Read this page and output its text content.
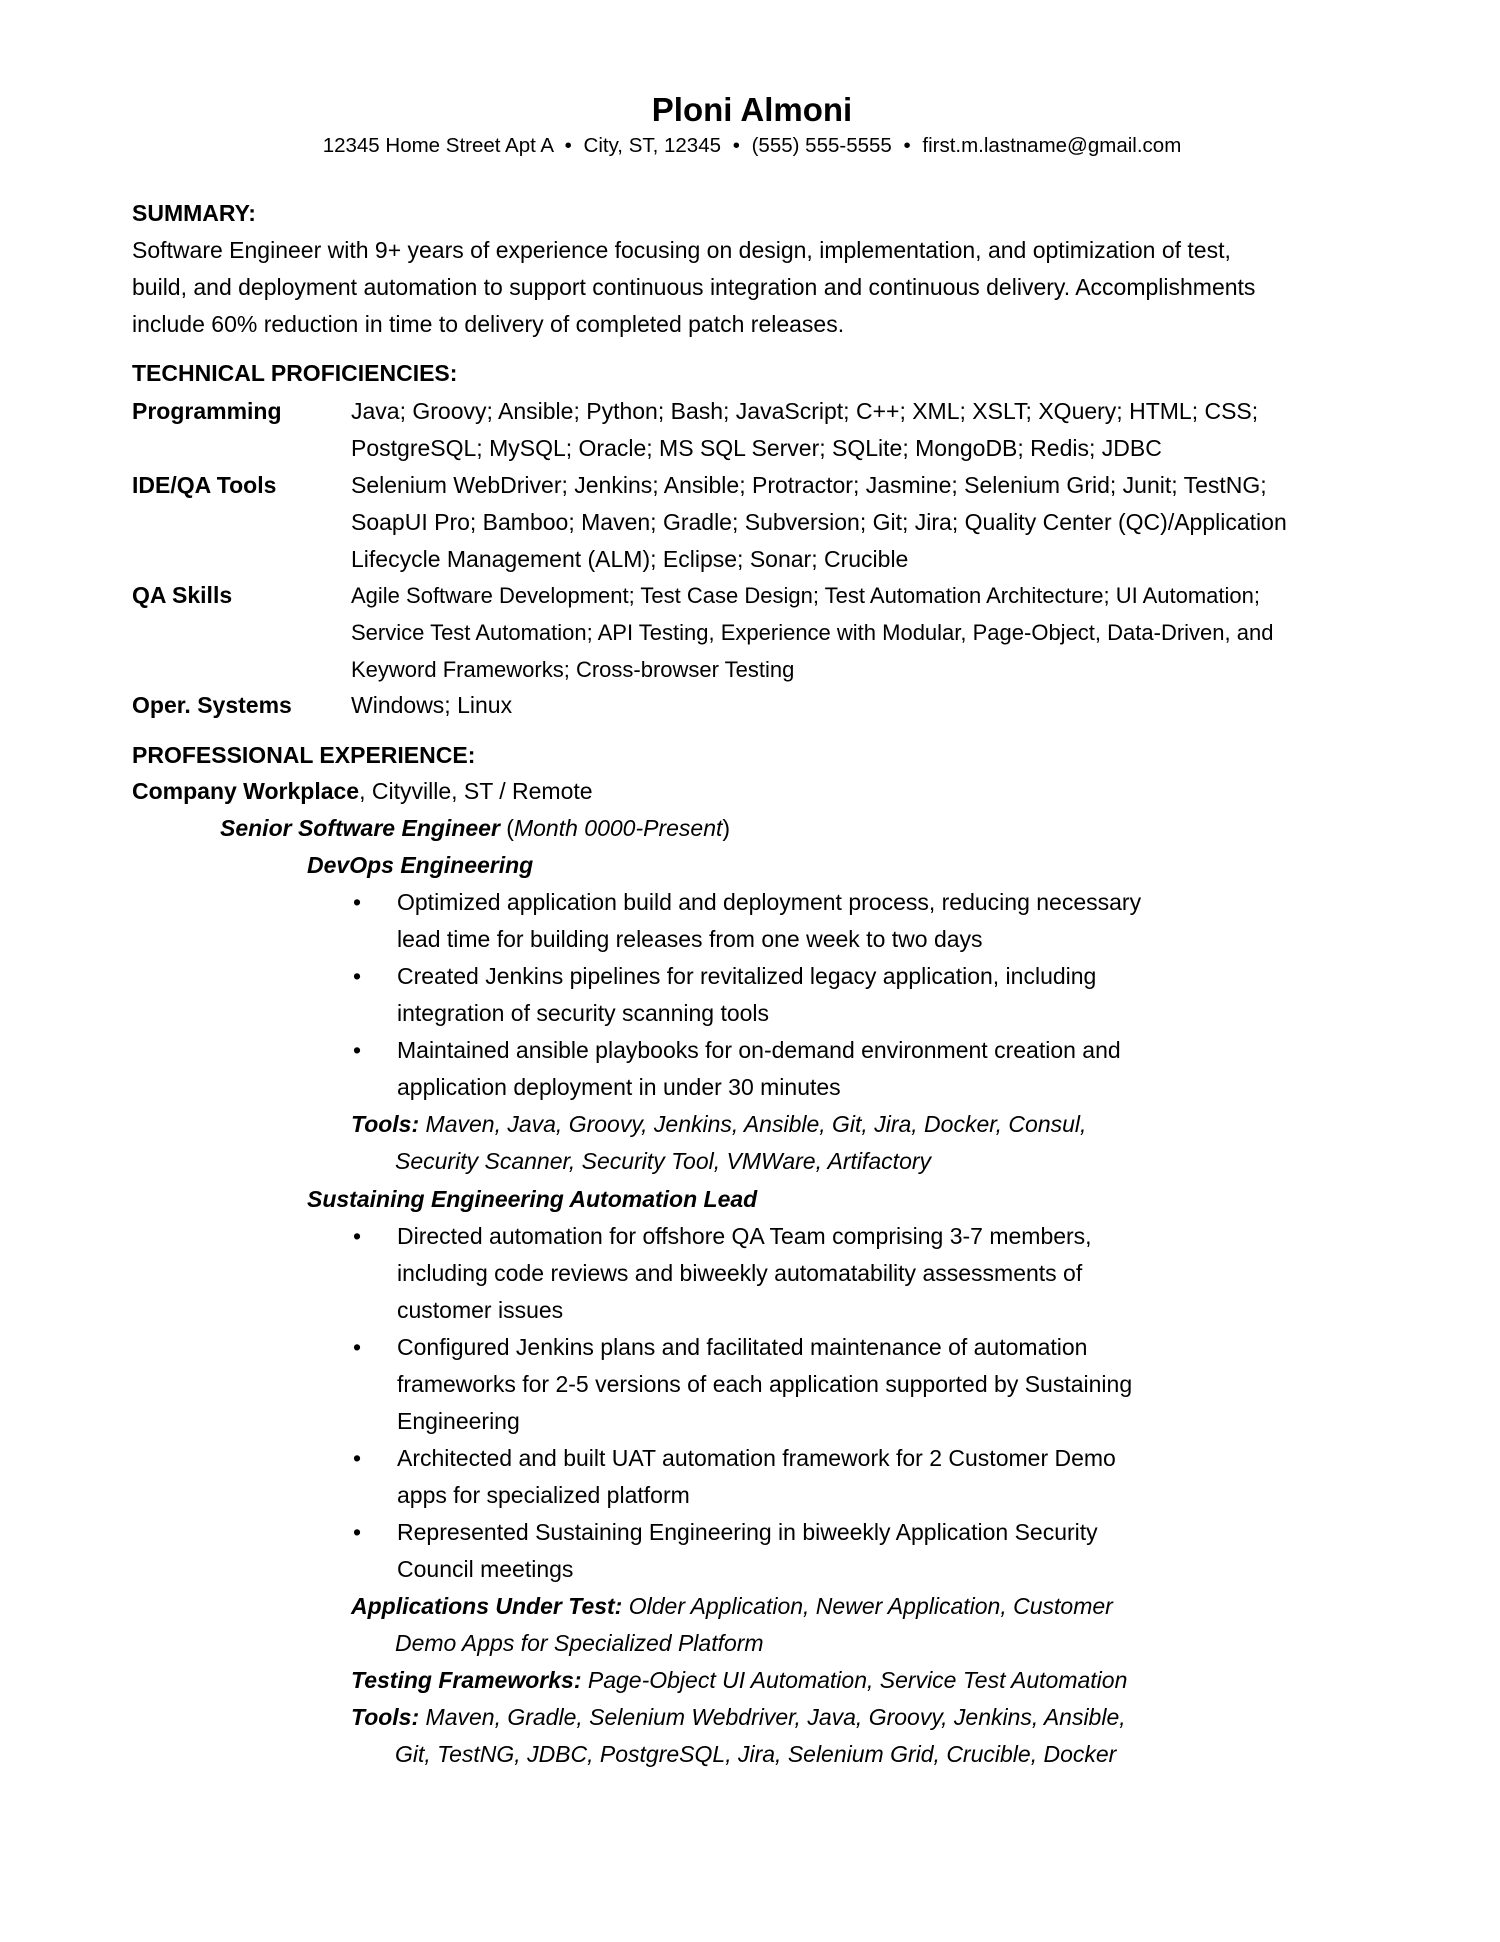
Ploni Almoni
12345 Home Street Apt A • City, ST, 12345 • (555) 555-5555 • first.m.lastname@gmail.com
SUMMARY:
Software Engineer with 9+ years of experience focusing on design, implementation, and optimization of test,
build, and deployment automation to support continuous integration and continuous delivery. Accomplishments
include 60% reduction in time to delivery of completed patch releases.
TECHNICAL PROFICIENCIES:
Programming	Java; Groovy; Ansible; Python; Bash; JavaScript; C++; XML; XSLT; XQuery; HTML; CSS;
PostgreSQL; MySQL; Oracle; MS SQL Server; SQLite; MongoDB; Redis; JDBC
IDE/QA Tools	Selenium WebDriver; Jenkins; Ansible; Protractor; Jasmine; Selenium Grid; Junit; TestNG;
SoapUI Pro; Bamboo; Maven; Gradle; Subversion; Git; Jira; Quality Center (QC)/Application
Lifecycle Management (ALM); Eclipse; Sonar; Crucible
QA Skills	Agile Software Development; Test Case Design; Test Automation Architecture; UI Automation;
Service Test Automation; API Testing, Experience with Modular, Page-Object, Data-Driven, and
Keyword Frameworks; Cross-browser Testing
Oper. Systems	Windows; Linux
PROFESSIONAL EXPERIENCE:
Company Workplace, Cityville, ST / Remote
Senior Software Engineer (Month 0000-Present)
DevOps Engineering
•	Optimized application build and deployment process, reducing necessary
lead time for building releases from one week to two days
•	Created Jenkins pipelines for revitalized legacy application, including
integration of security scanning tools
•	Maintained ansible playbooks for on-demand environment creation and
application deployment in under 30 minutes
Tools: Maven, Java, Groovy, Jenkins, Ansible, Git, Jira, Docker, Consul,
Security Scanner, Security Tool, VMWare, Artifactory
Sustaining Engineering Automation Lead
•	Directed automation for offshore QA Team comprising 3-7 members,
including code reviews and biweekly automatability assessments of
customer issues
•	Configured Jenkins plans and facilitated maintenance of automation
frameworks for 2-5 versions of each application supported by Sustaining
Engineering
•	Architected and built UAT automation framework for 2 Customer Demo
apps for specialized platform
•	Represented Sustaining Engineering in biweekly Application Security
Council meetings
Applications Under Test: Older Application, Newer Application, Customer
Demo Apps for Specialized Platform
Testing Frameworks: Page-Object UI Automation, Service Test Automation
Tools: Maven, Gradle, Selenium Webdriver, Java, Groovy, Jenkins, Ansible,
Git, TestNG, JDBC, PostgreSQL, Jira, Selenium Grid, Crucible, Docker
